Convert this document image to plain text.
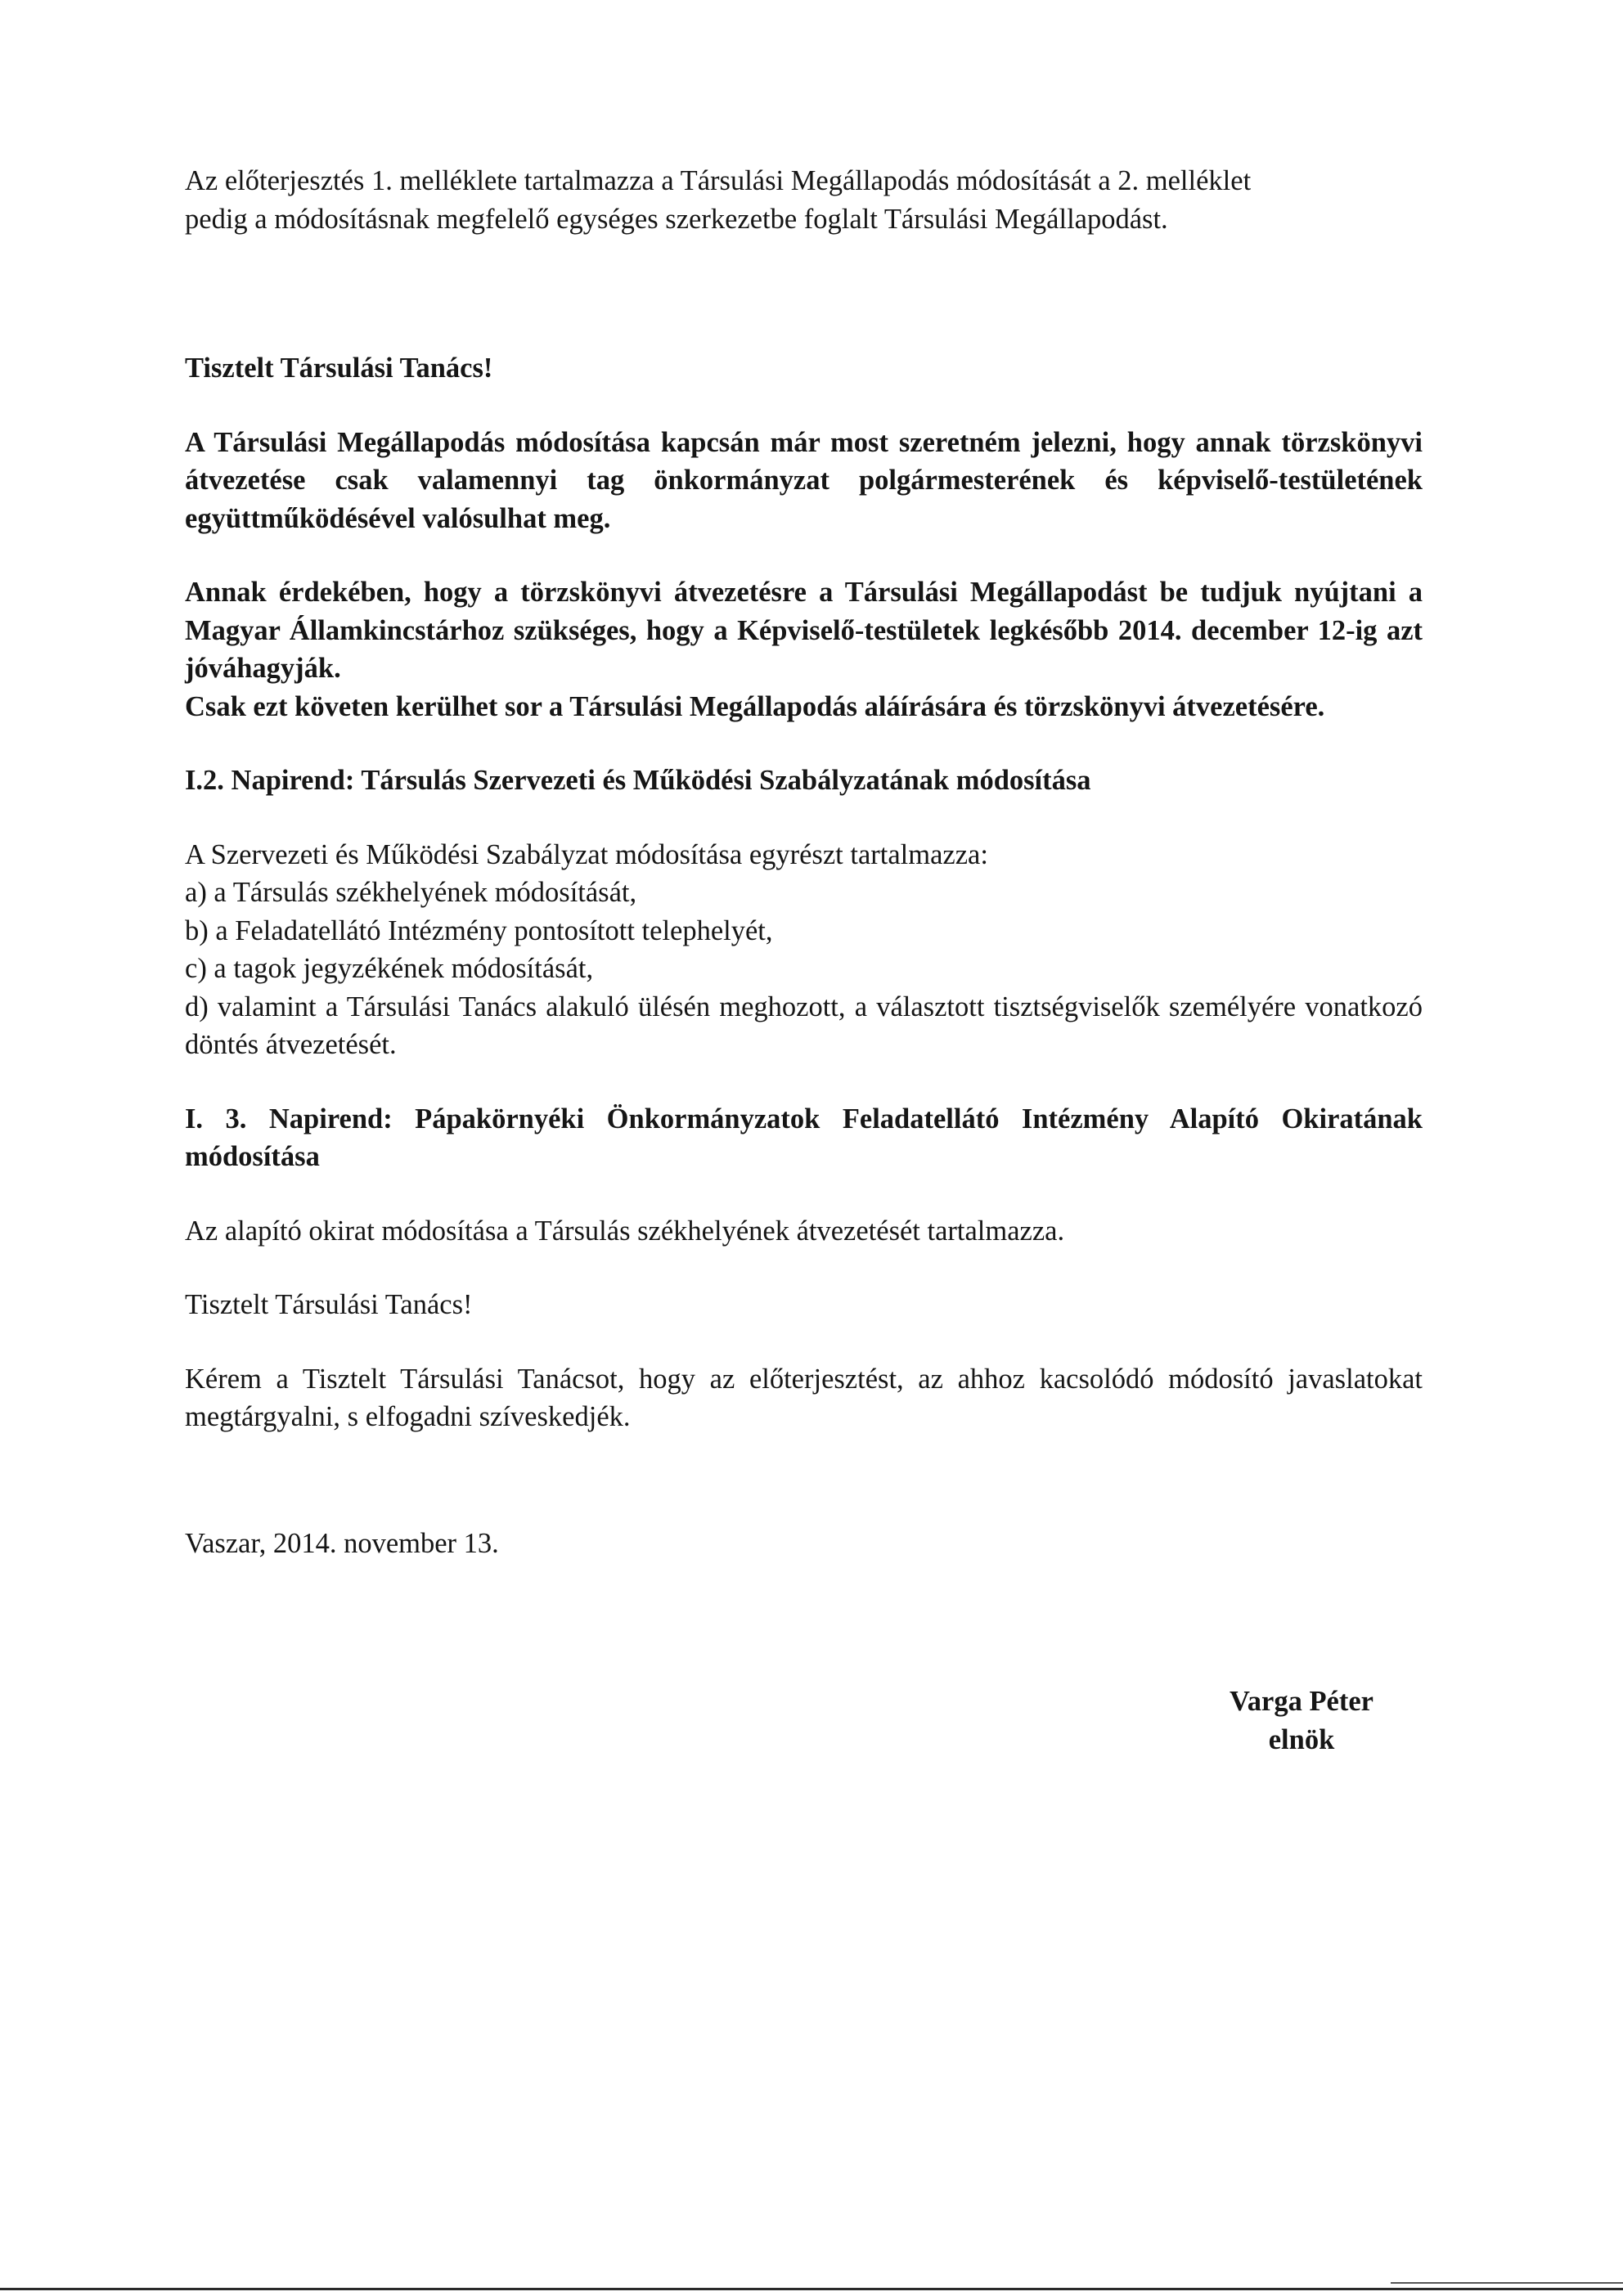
Az előterjesztés 1. melléklete tartalmazza a Társulási Megállapodás módosítását a 2. melléklet
pedig a módosításnak megfelelő egységes szerkezetbe foglalt Társulási Megállapodást.

Tisztelt Társulási Tanács!

A Társulási Megállapodás módosítása kapcsán már most szeretném jelezni, hogy annak törzskönyvi átvezetése csak valamennyi tag önkormányzat polgármesterének és képviselő-testületének együttműködésével valósulhat meg.

Annak érdekében, hogy a törzskönyvi átvezetésre a Társulási Megállapodást be tudjuk nyújtani a Magyar Államkincstárhoz szükséges, hogy a Képviselő-testületek legkésőbb 2014. december 12-ig azt jóváhagyják.

Csak ezt követen kerülhet sor a Társulási Megállapodás aláírására és törzskönyvi átvezetésére.

I.2. Napirend: Társulás Szervezeti és Működési Szabályzatának módosítása

A Szervezeti és Működési Szabályzat módosítása egyrészt tartalmazza:

a) a Társulás székhelyének módosítását,

b) a Feladatellátó Intézmény pontosított telephelyét,

c) a tagok jegyzékének módosítását,

d) valamint a Társulási Tanács alakuló ülésén meghozott, a választott tisztségviselők személyére vonatkozó döntés átvezetését.

I. 3. Napirend: Pápakörnyéki Önkormányzatok Feladatellátó Intézmény Alapító Okiratának módosítása

Az alapító okirat módosítása a Társulás székhelyének átvezetését tartalmazza.

Tisztelt Társulási Tanács!

Kérem a Tisztelt Társulási Tanácsot, hogy az előterjesztést, az ahhoz kacsolódó módosító javaslatokat megtárgyalni, s elfogadni szíveskedjék.

Vaszar, 2014. november 13.

Varga Péter
elnök
